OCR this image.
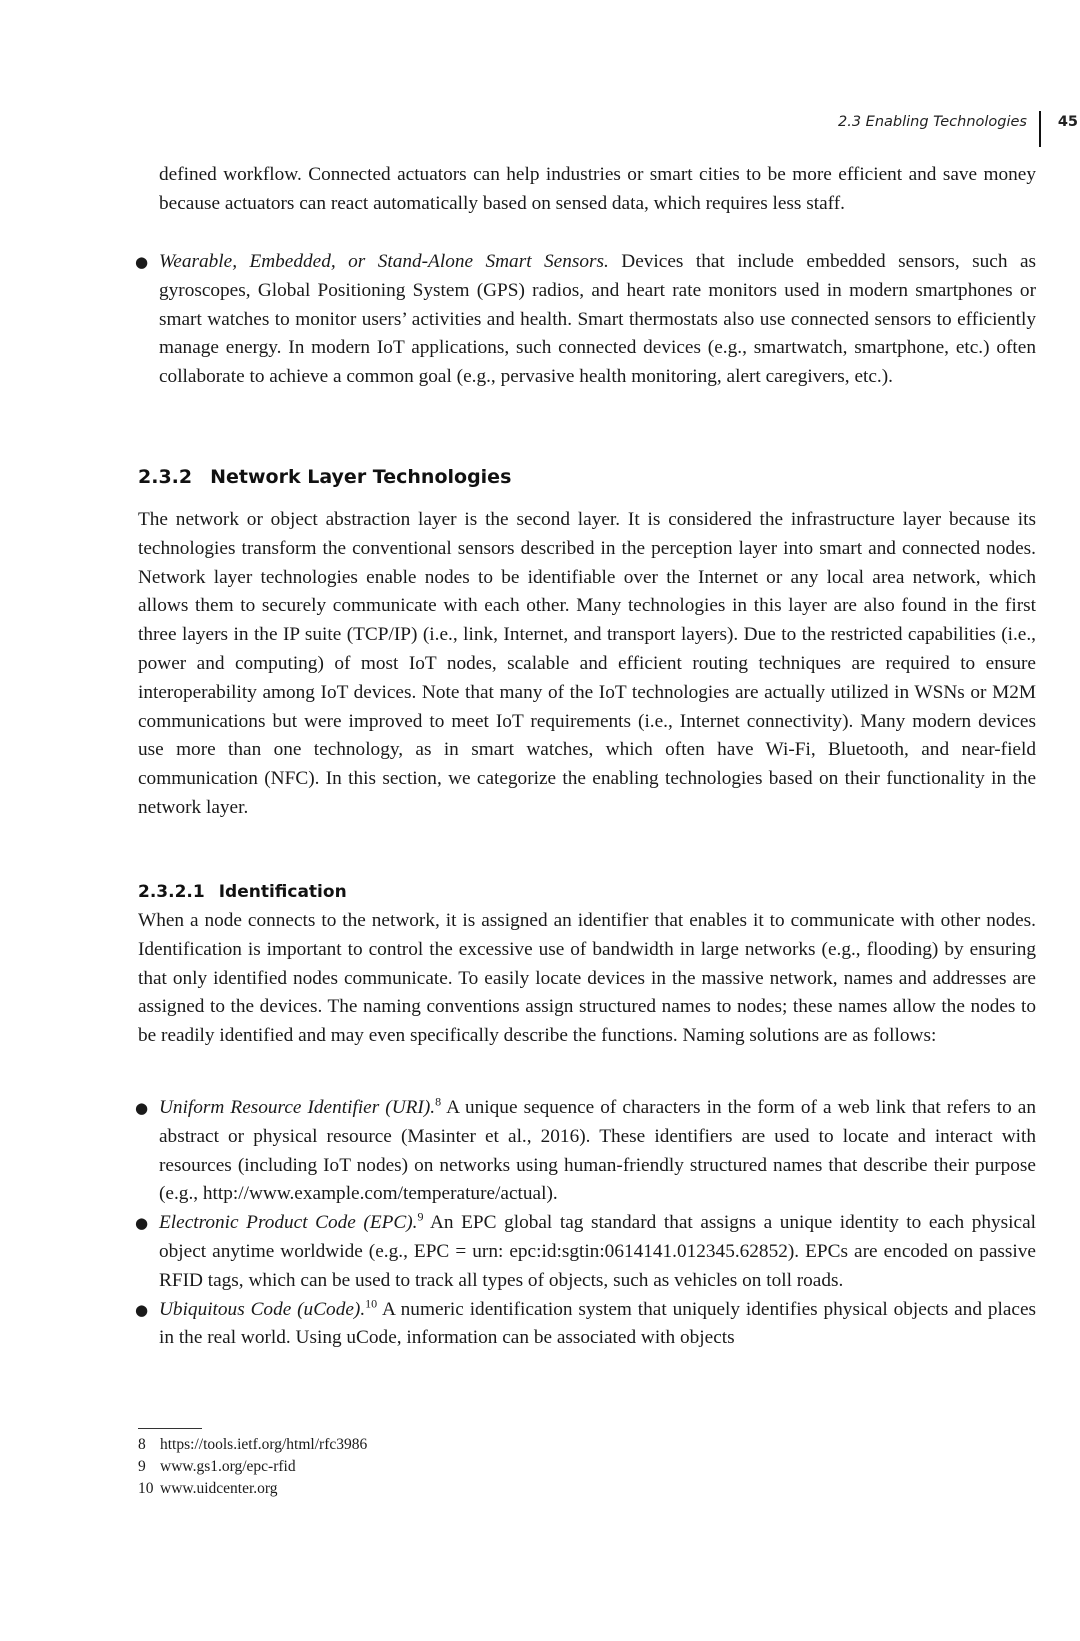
2.3 Enabling Technologies 45

defined workflow. Connected actuators can help industries or smart cities to be more efficient and save money because actuators can react automatically based on sensed data, which requires less staff.

● Wearable, Embedded, or Stand-Alone Smart Sensors. Devices that include embedded sensors, such as gyroscopes, Global Positioning System (GPS) radios, and heart rate monitors used in modern smartphones or smart watches to monitor users’ activities and health. Smart thermostats also use connected sensors to efficiently manage energy. In modern IoT applications, such connected devices (e.g., smartwatch, smartphone, etc.) often collaborate to achieve a common goal (e.g., pervasive health monitoring, alert caregivers, etc.).
2.3.2 Network Layer Technologies

The network or object abstraction layer is the second layer. It is considered the infrastructure layer because its technologies transform the conventional sensors described in the perception layer into smart and connected nodes. Network layer technologies enable nodes to be identifiable over the Internet or any local area network, which allows them to securely communicate with each other. Many technologies in this layer are also found in the first three layers in the IP suite (TCP/IP) (i.e., link, Internet, and transport layers). Due to the restricted capabilities (i.e., power and computing) of most IoT nodes, scalable and efficient routing techniques are required to ensure interoperability among IoT devices. Note that many of the IoT technologies are actually utilized in WSNs or M2M communications but were improved to meet IoT requirements (i.e., Internet connectivity). Many modern devices use more than one technology, as in smart watches, which often have Wi-Fi, Bluetooth, and near-field communication (NFC). In this section, we categorize the enabling technologies based on their functionality in the network layer.

2.3.2.1 Identification

When a node connects to the network, it is assigned an identifier that enables it to communicate with other nodes. Identification is important to control the excessive use of bandwidth in large networks (e.g., flooding) by ensuring that only identified nodes communicate. To easily locate devices in the massive network, names and addresses are assigned to the devices. The naming conventions assign structured names to nodes; these names allow the nodes to be readily identified and may even specifically describe the functions. Naming solutions are as follows:

● Uniform Resource Identifier (URI).$^8$ A unique sequence of characters in the form of a web link that refers to an abstract or physical resource (Masinter et al., 2016). These identifiers are used to locate and interact with resources (including IoT nodes) on networks using human-friendly structured names that describe their purpose (e.g., http://www.example.com/temperature/actual).
● Electronic Product Code (EPC).$^9$ An EPC global tag standard that assigns a unique identity to each physical object anytime worldwide (e.g., EPC = urn: epc:id:sgtin:0614141.012345.62852). EPCs are encoded on passive RFID tags, which can be used to track all types of objects, such as vehicles on toll roads.
● Ubiquitous Code (uCode).$^{10}$ A numeric identification system that uniquely identifies physical objects and places in the real world. Using uCode, information can be associated with objects
8 https://tools.ietf.org/html/rfc3986
9 www.gs1.org/epc-rfid
10 www.uidcenter.org
